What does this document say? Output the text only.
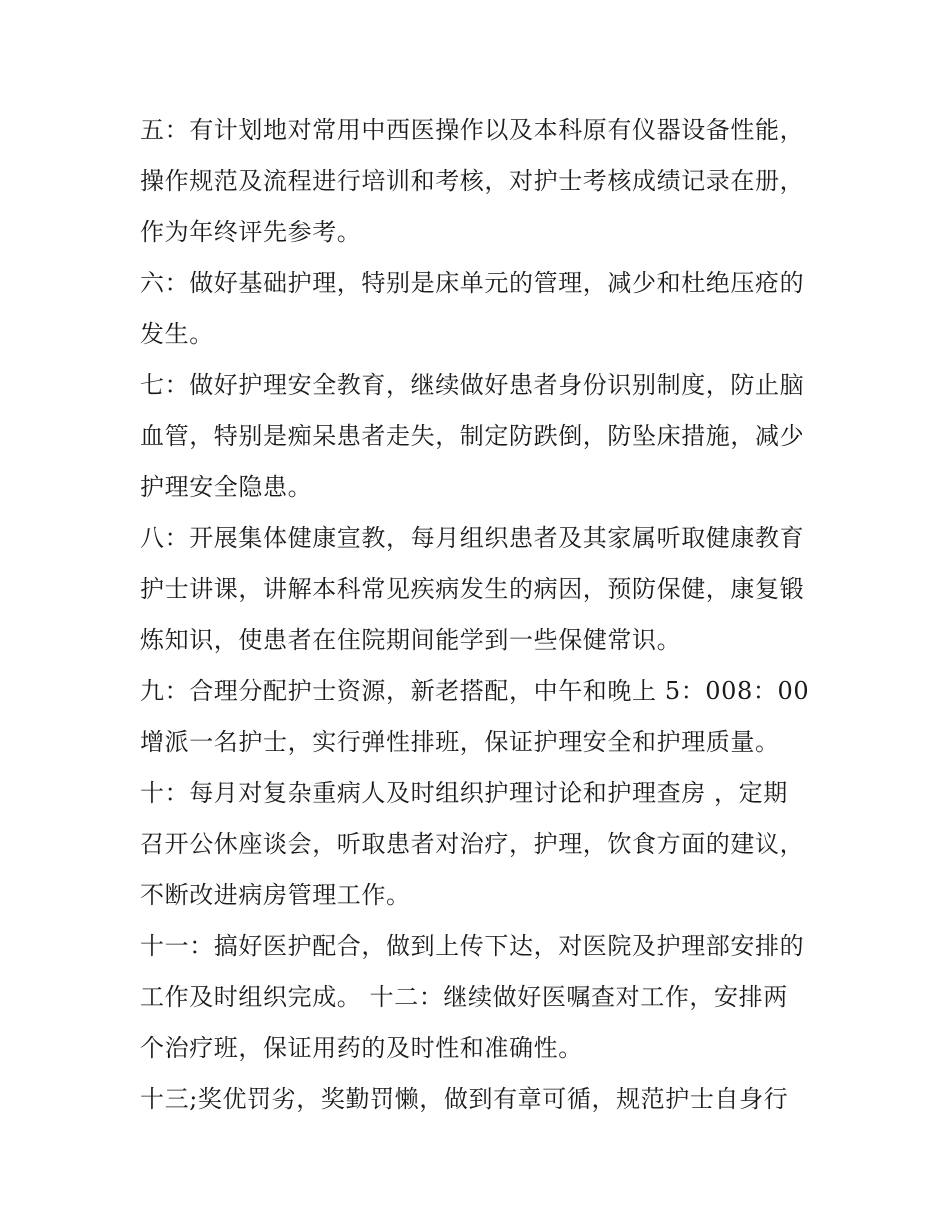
五：有计划地对常用中西医操作以及本科原有仪器设备性能，
操作规范及流程进行培训和考核，对护士考核成绩记录在册，
作为年终评先参考。
六：做好基础护理，特别是床单元的管理，减少和杜绝压疮的
发生。
七：做好护理安全教育，继续做好患者身份识别制度，防止脑
血管，特别是痴呆患者走失，制定防跌倒，防坠床措施，减少
护理安全隐患。
八：开展集体健康宣教，每月组织患者及其家属听取健康教育
护士讲课，讲解本科常见疾病发生的病因，预防保健，康复锻
炼知识，使患者在住院期间能学到一些保健常识。
九：合理分配护士资源，新老搭配，中午和晚上 5：008：00
增派一名护士，实行弹性排班，保证护理安全和护理质量。
十：每月对复杂重病人及时组织护理讨论和护理查房 ，定期
召开公休座谈会，听取患者对治疗，护理，饮食方面的建议，
不断改进病房管理工作。
十一：搞好医护配合，做到上传下达，对医院及护理部安排的
工作及时组织完成。 十二：继续做好医嘱查对工作，安排两
个治疗班，保证用药的及时性和准确性。
十三;奖优罚劣，奖勤罚懒，做到有章可循，规范护士自身行
